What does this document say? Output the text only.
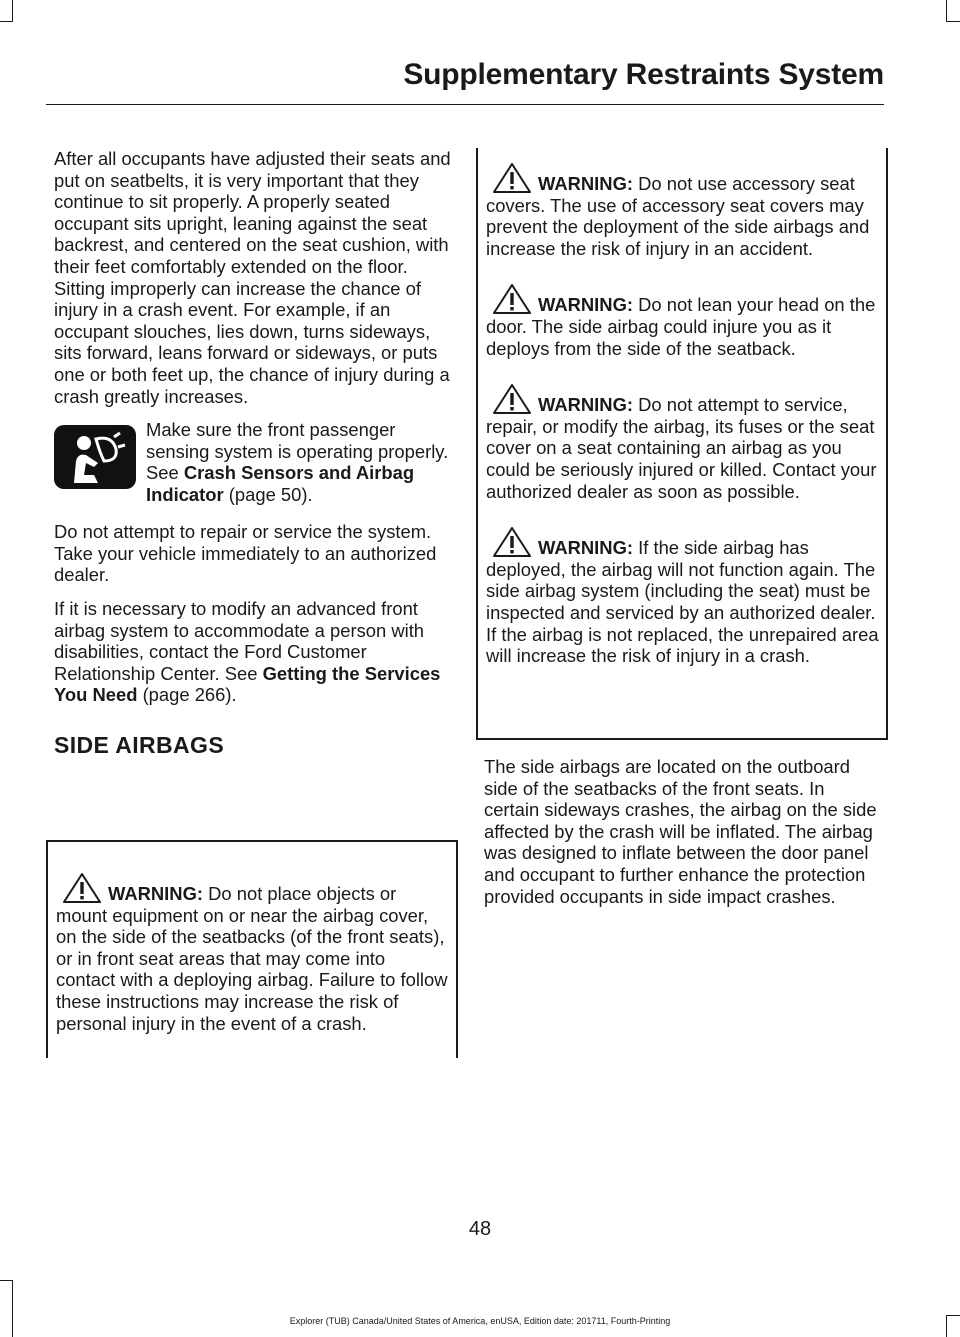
Supplementary Restraints System

After all occupants have adjusted their seats and put on seatbelts, it is very important that they continue to sit properly. A properly seated occupant sits upright, leaning against the seat backrest, and centered on the seat cushion, with their feet comfortably extended on the floor. Sitting improperly can increase the chance of injury in a crash event. For example, if an occupant slouches, lies down, turns sideways, sits forward, leans forward or sideways, or puts one or both feet up, the chance of injury during a crash greatly increases.

Make sure the front passenger sensing system is operating properly. See Crash Sensors and Airbag Indicator (page 50).

Do not attempt to repair or service the system. Take your vehicle immediately to an authorized dealer.

If it is necessary to modify an advanced front airbag system to accommodate a person with disabilities, contact the Ford Customer Relationship Center. See Getting the Services You Need (page 266).

SIDE AIRBAGS

WARNING: Do not place objects or mount equipment on or near the airbag cover, on the side of the seatbacks (of the front seats), or in front seat areas that may come into contact with a deploying airbag. Failure to follow these instructions may increase the risk of personal injury in the event of a crash.

WARNING: Do not use accessory seat covers. The use of accessory seat covers may prevent the deployment of the side airbags and increase the risk of injury in an accident.

WARNING: Do not lean your head on the door. The side airbag could injure you as it deploys from the side of the seatback.

WARNING: Do not attempt to service, repair, or modify the airbag, its fuses or the seat cover on a seat containing an airbag as you could be seriously injured or killed. Contact your authorized dealer as soon as possible.

WARNING: If the side airbag has deployed, the airbag will not function again. The side airbag system (including the seat) must be inspected and serviced by an authorized dealer. If the airbag is not replaced, the unrepaired area will increase the risk of injury in a crash.

The side airbags are located on the outboard side of the seatbacks of the front seats. In certain sideways crashes, the airbag on the side affected by the crash will be inflated. The airbag was designed to inflate between the door panel and occupant to further enhance the protection provided occupants in side impact crashes.

48
Explorer (TUB) Canada/United States of America, enUSA, Edition date: 201711, Fourth-Printing
